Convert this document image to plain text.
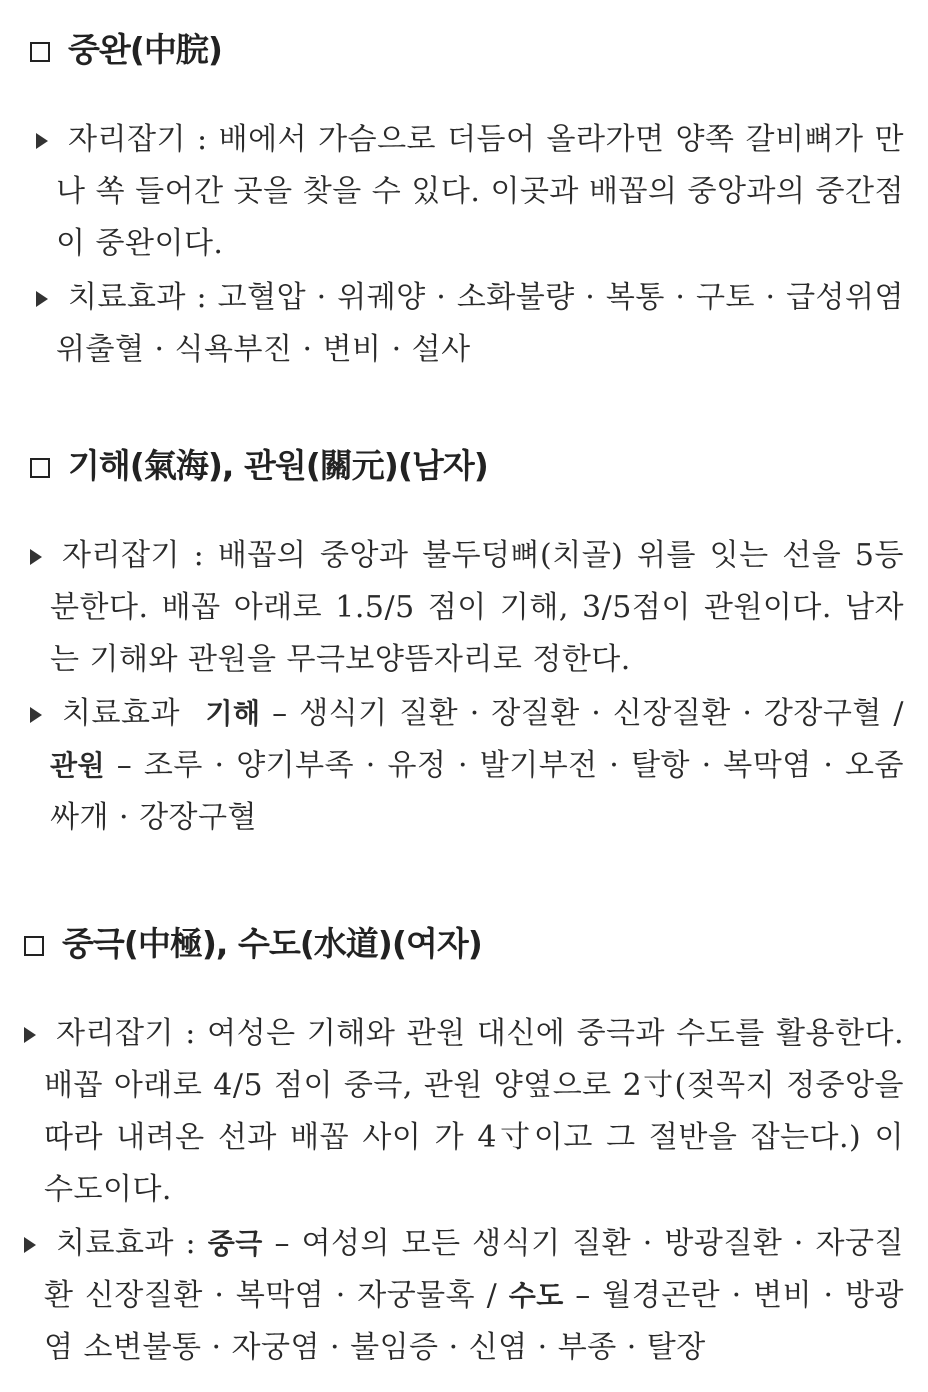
중완(中脘)
자리잡기 : 배에서 가슴으로 더듬어 올라가면 양쪽 갈비뼈가 만나 쏙 들어간 곳을 찾을 수 있다. 이곳과 배꼽의 중앙과의 중간점이 중완이다.
치료효과 : 고혈압 · 위궤양 · 소화불량 · 복통 · 구토 · 급성위염 위출혈 · 식욕부진 · 변비 · 설사
기해(氣海), 관원(關元)(남자)
자리잡기 : 배꼽의 중앙과 불두덩뼈(치골) 위를 잇는 선을 5등분한다. 배꼽 아래로 1.5/5 점이 기해, 3/5점이 관원이다. 남자는 기해와 관원을 무극보양뜸자리로 정한다.
치료효과 기해 – 생식기 질환 · 장질환 · 신장질환 · 강장구혈 / 관원 – 조루 · 양기부족 · 유정 · 발기부전 · 탈항 · 복막염 · 오줌싸개 · 강장구혈
중극(中極), 수도(水道)(여자)
자리잡기 : 여성은 기해와 관원 대신에 중극과 수도를 활용한다. 배꼽 아래로 4/5 점이 중극, 관원 양옆으로 2寸(젖꼭지 정중앙을 따라 내려온 선과 배꼽 사이 가 4寸이고 그 절반을 잡는다.) 이 수도이다.
치료효과 : 중극 – 여성의 모든 생식기 질환 · 방광질환 · 자궁질환 신장질환 · 복막염 · 자궁물혹 / 수도 – 월경곤란 · 변비 · 방광염 소변불통 · 자궁염 · 불임증 · 신염 · 부종 · 탈장
